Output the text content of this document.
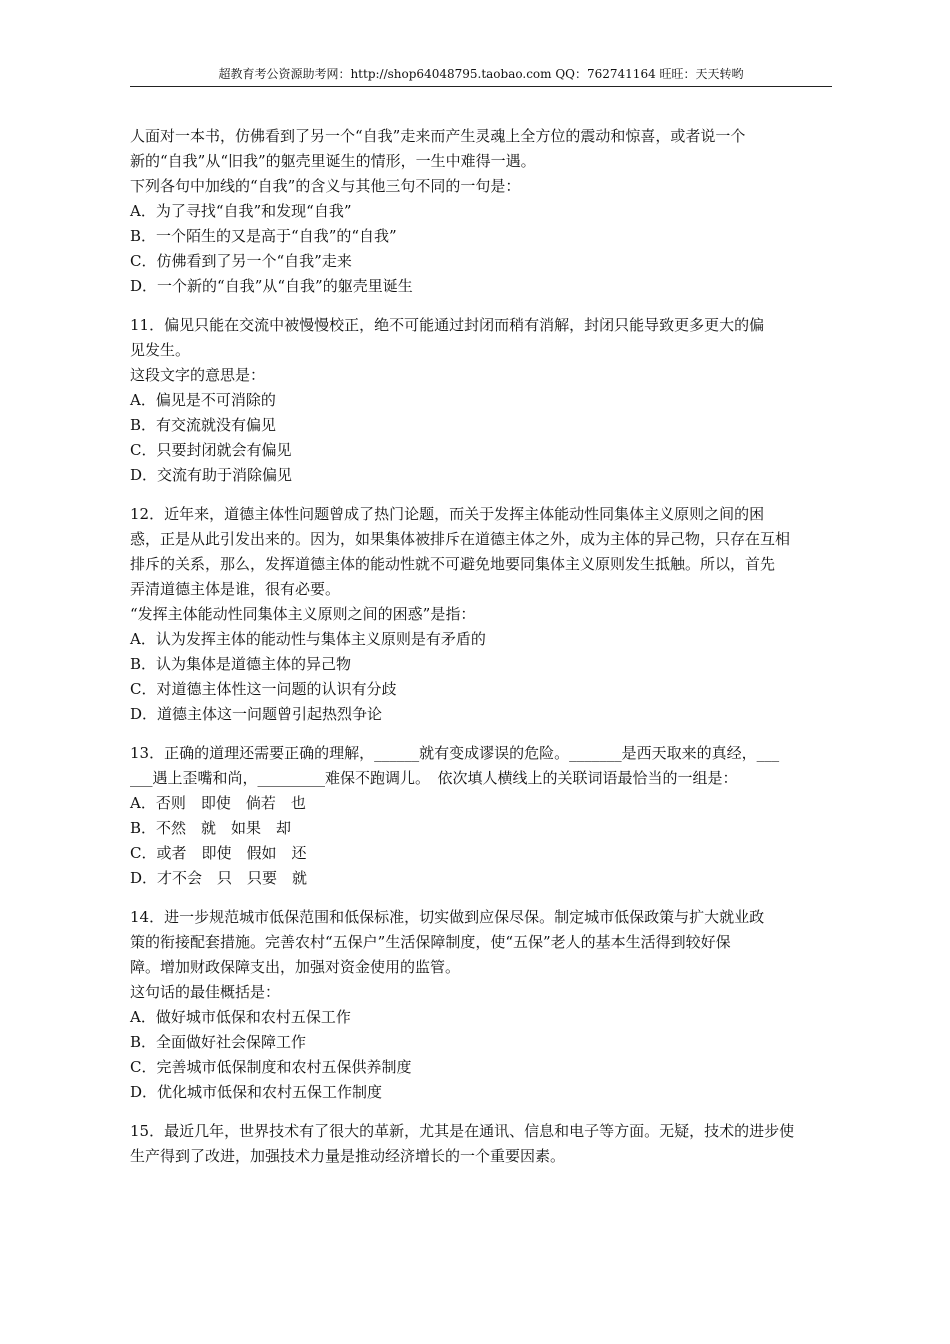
超教育考公资源助考网：http://shop64048795.taobao.com QQ：762741164 旺旺：天天转哟
人面对一本书，仿佛看到了另一个“自我”走来而产生灵魂上全方位的震动和惊喜，或者说一个
新的“自我”从“旧我”的躯壳里诞生的情形，一生中难得一遇。
下列各句中加线的“自我”的含义与其他三句不同的一句是：
A．为了寻找“自我”和发现“自我”
B．一个陌生的又是高于“自我”的“自我”
C．仿佛看到了另一个“自我”走来
D．一个新的“自我”从“自我”的躯壳里诞生
11．偏见只能在交流中被慢慢校正，绝不可能通过封闭而稍有消解，封闭只能导致更多更大的偏
见发生。
这段文字的意思是：
A．偏见是不可消除的
B．有交流就没有偏见
C．只要封闭就会有偏见
D．交流有助于消除偏见
12．近年来，道德主体性问题曾成了热门论题，而关于发挥主体能动性同集体主义原则之间的困
惑，正是从此引发出来的。因为，如果集体被排斥在道德主体之外，成为主体的异己物，只存在互相
排斥的关系，那么，发挥道德主体的能动性就不可避免地要同集体主义原则发生抵触。所以，首先
弄清道德主体是谁，很有必要。
“发挥主体能动性同集体主义原则之间的困惑”是指：
A．认为发挥主体的能动性与集体主义原则是有矛盾的
B．认为集体是道德主体的异己物
C．对道德主体性这一问题的认识有分歧
D．道德主体这一问题曾引起热烈争论
13．正确的道理还需要正确的理解，______就有变成谬误的危险。_______是西天取来的真经，___
___遇上歪嘴和尚，_________难保不跑调儿。　依次填人横线上的关联词语最恰当的一组是：
A．否则　即使　倘若　也
B．不然　就　如果　却
C．或者　即使　假如　还
D．才不会　只　只要　就
14．进一步规范城市低保范围和低保标准，切实做到应保尽保。制定城市低保政策与扩大就业政
策的衔接配套措施。完善农村“五保户”生活保障制度，使“五保”老人的基本生活得到较好保
障。增加财政保障支出，加强对资金使用的监管。
这句话的最佳概括是：
A．做好城市低保和农村五保工作
B．全面做好社会保障工作
C．完善城市低保制度和农村五保供养制度
D．优化城市低保和农村五保工作制度
15．最近几年，世界技术有了很大的革新，尤其是在通讯、信息和电子等方面。无疑，技术的进步使
生产得到了改进，加强技术力量是推动经济增长的一个重要因素。
